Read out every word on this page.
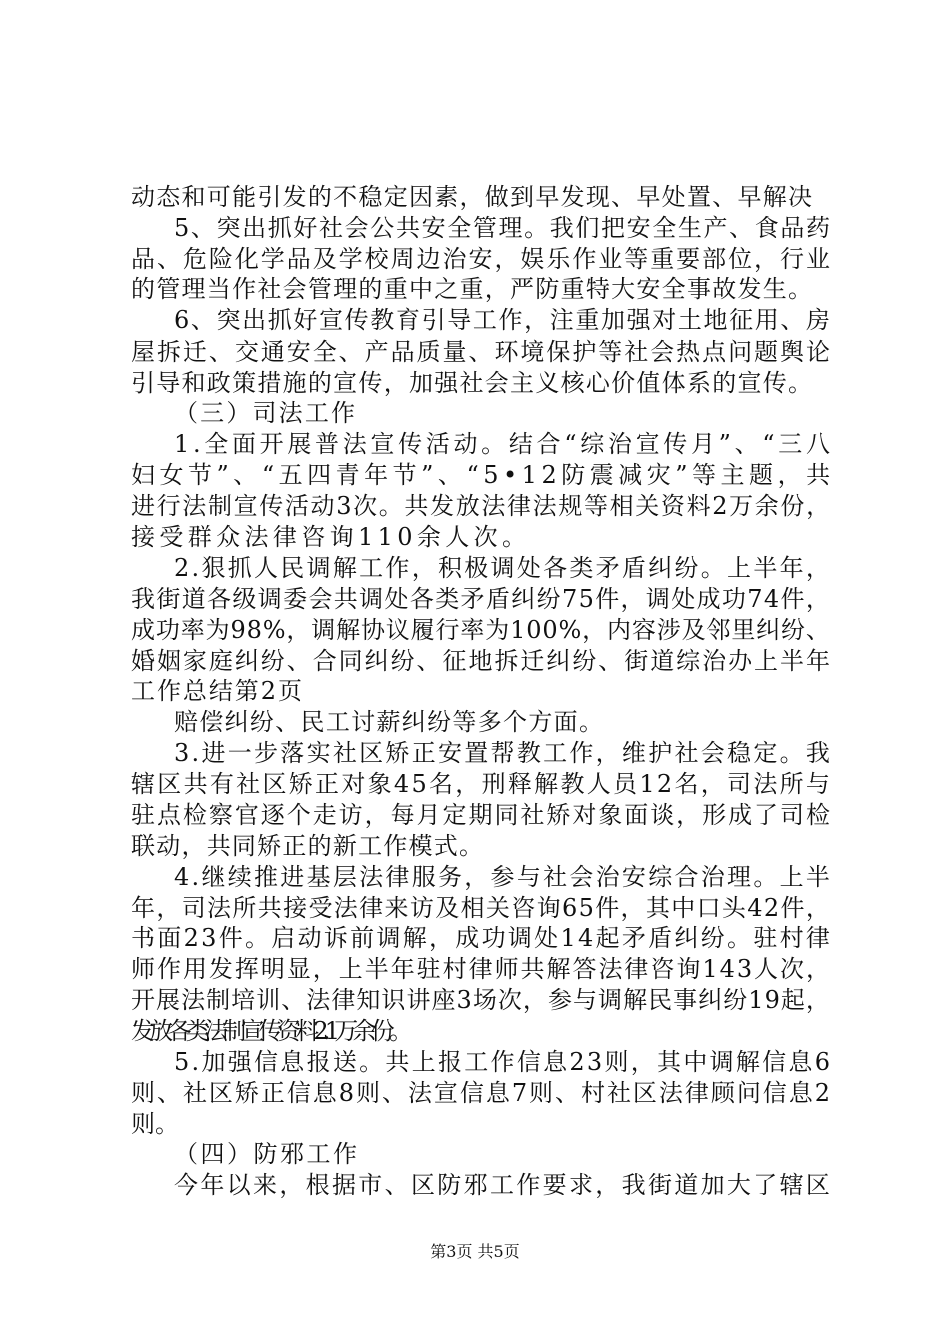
动态和可能引发的不稳定因素，做到早发现、早处置、早解决
5、突出抓好社会公共安全管理。我们把安全生产、食品药
品、危险化学品及学校周边治安，娱乐作业等重要部位，行业
的管理当作社会管理的重中之重，严防重特大安全事故发生。
6、突出抓好宣传教育引导工作，注重加强对土地征用、房
屋拆迁、交通安全、产品质量、环境保护等社会热点问题舆论
引导和政策措施的宣传，加强社会主义核心价值体系的宣传。
（三）司法工作
1.全面开展普法宣传活动。结合“综治宣传月”、“三八
妇女节”、“五四青年节”、“5•12防震减灾”等主题，共
进行法制宣传活动3次。共发放法律法规等相关资料2万余份，
接受群众法律咨询110余人次。
2.狠抓人民调解工作，积极调处各类矛盾纠纷。上半年，
我街道各级调委会共调处各类矛盾纠纷75件，调处成功74件，
成功率为98%，调解协议履行率为100%，内容涉及邻里纠纷、
婚姻家庭纠纷、合同纠纷、征地拆迁纠纷、街道综治办上半年
工作总结第2页
赔偿纠纷、民工讨薪纠纷等多个方面。
3.进一步落实社区矫正安置帮教工作，维护社会稳定。我
辖区共有社区矫正对象45名，刑释解教人员12名，司法所与
驻点检察官逐个走访，每月定期同社矫对象面谈，形成了司检
联动，共同矫正的新工作模式。
4.继续推进基层法律服务，参与社会治安综合治理。上半
年，司法所共接受法律来访及相关咨询65件，其中口头42件，
书面23件。启动诉前调解，成功调处14起矛盾纠纷。驻村律
师作用发挥明显，上半年驻村律师共解答法律咨询143人次，
开展法制培训、法律知识讲座3场次，参与调解民事纠纷19起，
发放各类法制宣传资料2.1万余份。
5.加强信息报送。共上报工作信息23则，其中调解信息6
则、社区矫正信息8则、法宣信息7则、村社区法律顾问信息2
则。
（四）防邪工作
今年以来，根据市、区防邪工作要求，我街道加大了辖区
第3页 共5页
